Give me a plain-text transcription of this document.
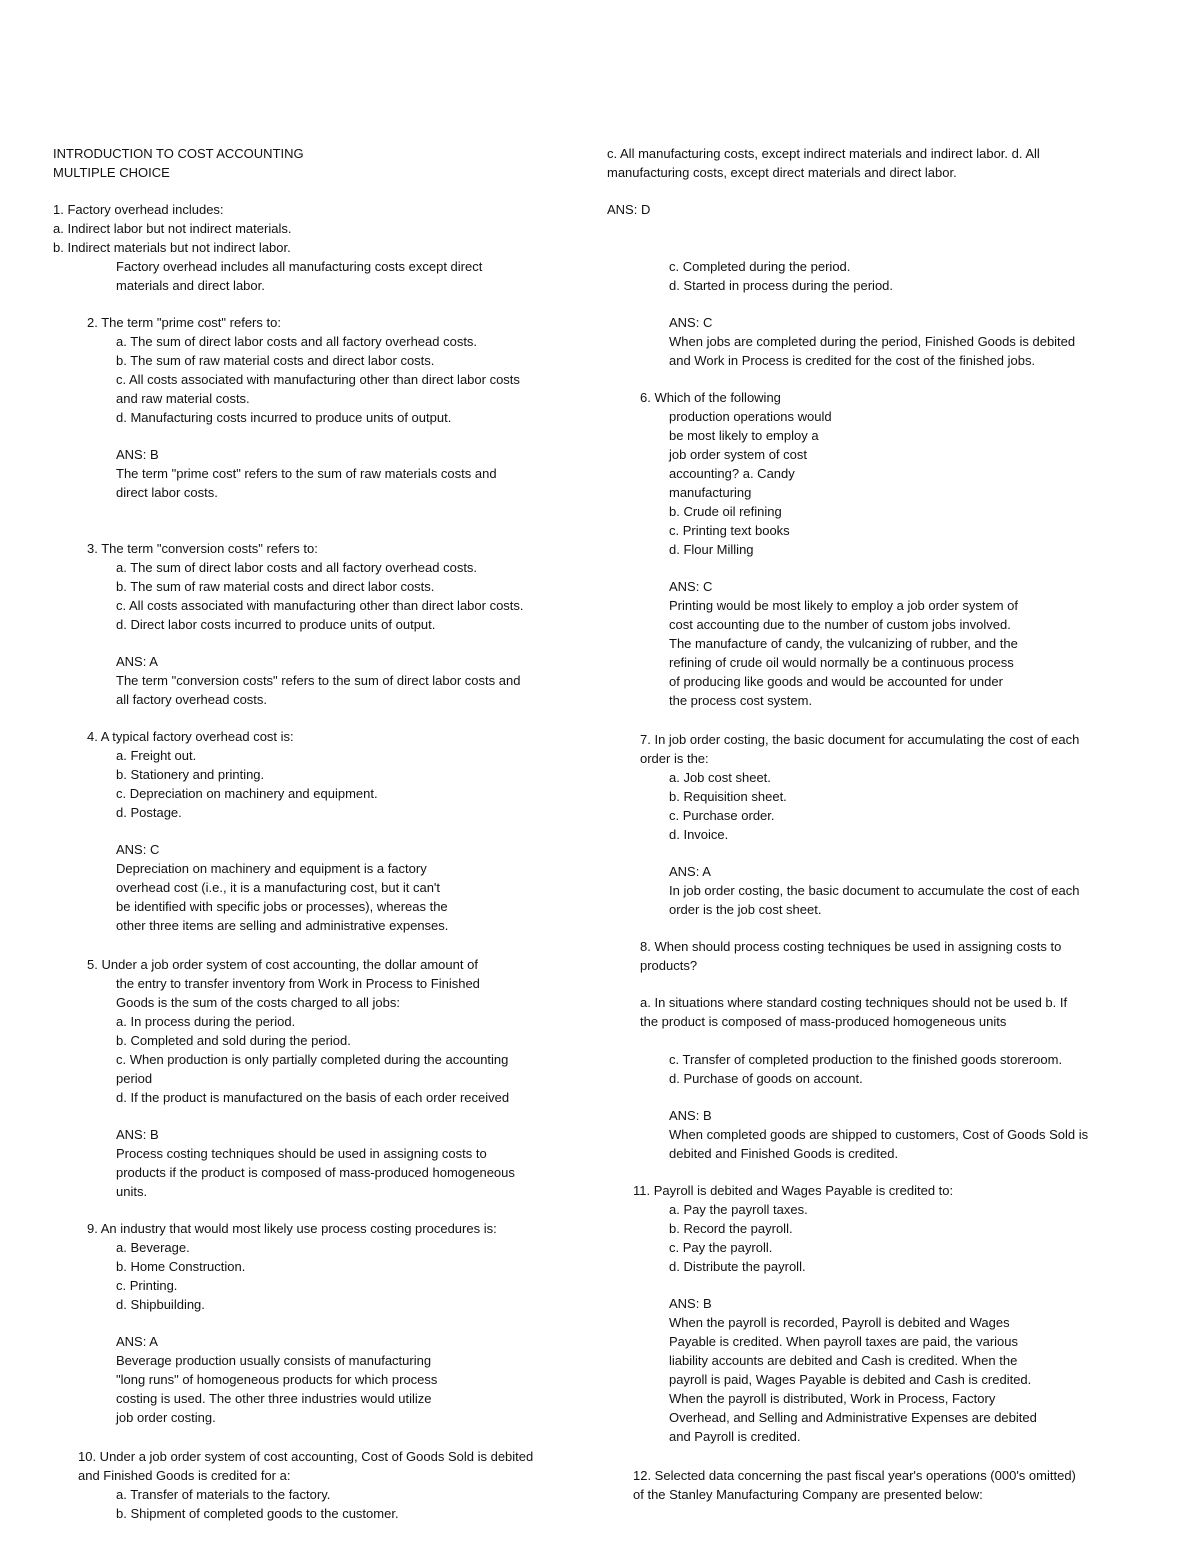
INTRODUCTION TO COST ACCOUNTING
MULTIPLE CHOICE
1. Factory overhead includes:
a. Indirect labor but not indirect materials.
b. Indirect materials but not indirect labor.
Factory overhead includes all manufacturing costs except direct
materials and direct labor.
2. The term "prime cost" refers to:
a. The sum of direct labor costs and all factory overhead costs.
b. The sum of raw material costs and direct labor costs.
c. All costs associated with manufacturing other than direct labor costs
and raw material costs.
d. Manufacturing costs incurred to produce units of output.
ANS: B
The term "prime cost" refers to the sum of raw materials costs and
direct labor costs.
3. The term "conversion costs" refers to:
a. The sum of direct labor costs and all factory overhead costs.
b. The sum of raw material costs and direct labor costs.
c. All costs associated with manufacturing other than direct labor costs.
d. Direct labor costs incurred to produce units of output.
ANS: A
The term "conversion costs" refers to the sum of direct labor costs and
all factory overhead costs.
4. A typical factory overhead cost is:
a. Freight out.
b. Stationery and printing.
c. Depreciation on machinery and equipment.
d. Postage.
ANS: C
Depreciation on machinery and equipment is a factory
overhead cost (i.e., it is a manufacturing cost, but it can't
be identified with specific jobs or processes), whereas the
other three items are selling and administrative expenses.
5. Under a job order system of cost accounting, the dollar amount of
the entry to transfer inventory from Work in Process to Finished
Goods is the sum of the costs charged to all jobs:
a. In process during the period.
b. Completed and sold during the period.
c. When production is only partially completed during the accounting
period
d. If the product is manufactured on the basis of each order received
ANS: B
Process costing techniques should be used in assigning costs to
products if the product is composed of mass-produced homogeneous
units.
9. An industry that would most likely use process costing procedures is:
a. Beverage.
b. Home Construction.
c. Printing.
d. Shipbuilding.
ANS: A
Beverage production usually consists of manufacturing
"long runs" of homogeneous products for which process
costing is used. The other three industries would utilize
job order costing.
10. Under a job order system of cost accounting, Cost of Goods Sold is debited
and Finished Goods is credited for a:
a. Transfer of materials to the factory.
b. Shipment of completed goods to the customer.
c. All manufacturing costs, except indirect materials and indirect labor. d. All
manufacturing costs, except direct materials and direct labor.
ANS: D
c. Completed during the period.
d. Started in process during the period.
ANS: C
When jobs are completed during the period, Finished Goods is debited
and Work in Process is credited for the cost of the finished jobs.
6. Which of the following
production operations would
be most likely to employ a
job order system of cost
accounting? a. Candy
manufacturing
b. Crude oil refining
c. Printing text books
d. Flour Milling
ANS: C
Printing would be most likely to employ a job order system of
cost accounting due to the number of custom jobs involved.
The manufacture of candy, the vulcanizing of rubber, and the
refining of crude oil would normally be a continuous process
of producing like goods and would be accounted for under
the process cost system.
7. In job order costing, the basic document for accumulating the cost of each
order is the:
a. Job cost sheet.
b. Requisition sheet.
c. Purchase order.
d. Invoice.
ANS: A
In job order costing, the basic document to accumulate the cost of each
order is the job cost sheet.
8. When should process costing techniques be used in assigning costs to
products?
a. In situations where standard costing techniques should not be used b. If
the product is composed of mass-produced homogeneous units
c. Transfer of completed production to the finished goods storeroom.
d. Purchase of goods on account.
ANS: B
When completed goods are shipped to customers, Cost of Goods Sold is
debited and Finished Goods is credited.
11. Payroll is debited and Wages Payable is credited to:
a. Pay the payroll taxes.
b. Record the payroll.
c. Pay the payroll.
d. Distribute the payroll.
ANS: B
When the payroll is recorded, Payroll is debited and Wages
Payable is credited. When payroll taxes are paid, the various
liability accounts are debited and Cash is credited. When the
payroll is paid, Wages Payable is debited and Cash is credited.
When the payroll is distributed, Work in Process, Factory
Overhead, and Selling and Administrative Expenses are debited
and Payroll is credited.
12. Selected data concerning the past fiscal year's operations (000's omitted)
of the Stanley Manufacturing Company are presented below:
